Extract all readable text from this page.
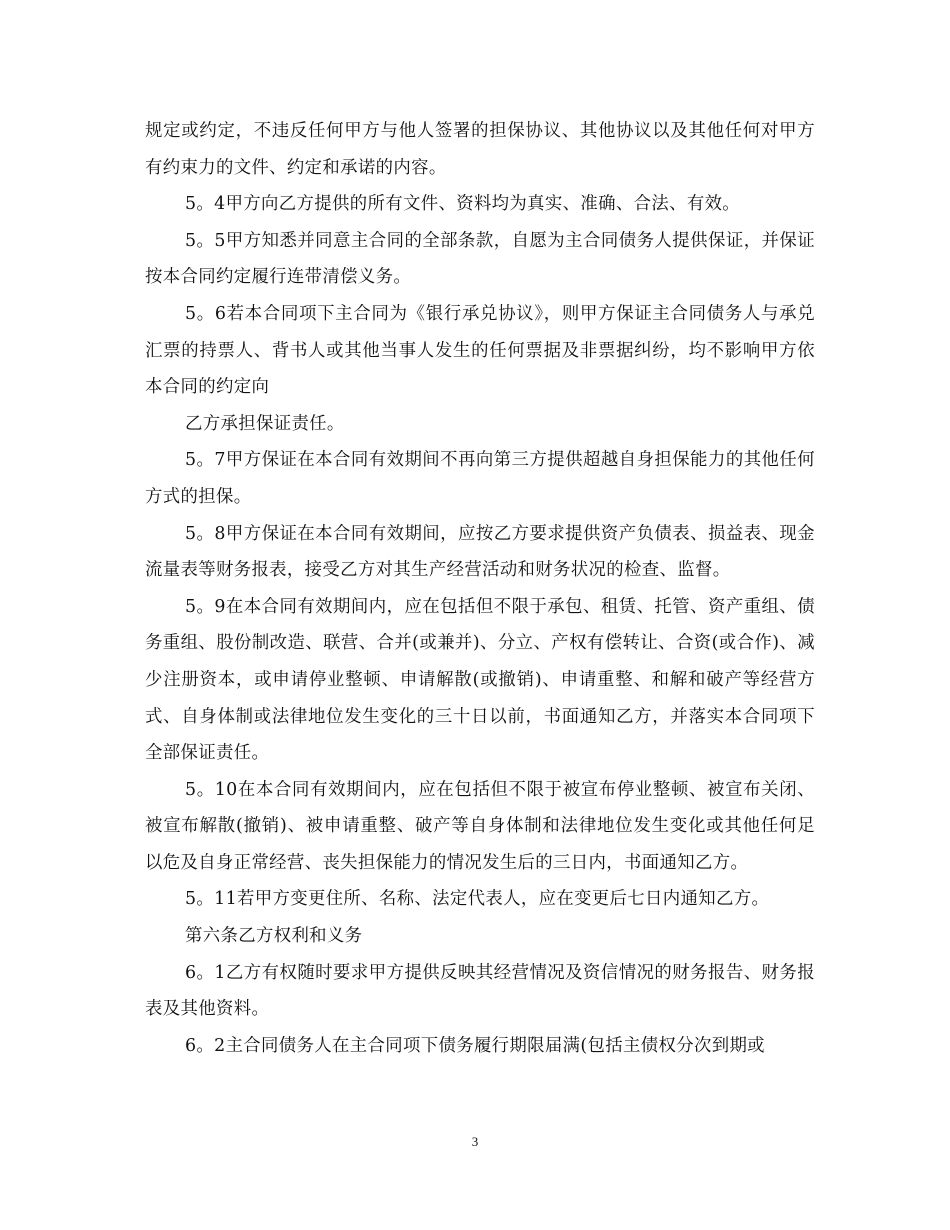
规定或约定，不违反任何甲方与他人签署的担保协议、其他协议以及其他任何对甲方有约束力的文件、约定和承诺的内容。

5。4甲方向乙方提供的所有文件、资料均为真实、准确、合法、有效。

5。5甲方知悉并同意主合同的全部条款，自愿为主合同债务人提供保证，并保证按本合同约定履行连带清偿义务。

5。6若本合同项下主合同为《银行承兑协议》，则甲方保证主合同债务人与承兑汇票的持票人、背书人或其他当事人发生的任何票据及非票据纠纷，均不影响甲方依本合同的约定向

乙方承担保证责任。

5。7甲方保证在本合同有效期间不再向第三方提供超越自身担保能力的其他任何方式的担保。

5。8甲方保证在本合同有效期间，应按乙方要求提供资产负债表、损益表、现金流量表等财务报表，接受乙方对其生产经营活动和财务状况的检查、监督。

5。9在本合同有效期间内，应在包括但不限于承包、租赁、托管、资产重组、债务重组、股份制改造、联营、合并(或兼并)、分立、产权有偿转让、合资(或合作)、减少注册资本，或申请停业整顿、申请解散(或撤销)、申请重整、和解和破产等经营方式、自身体制或法律地位发生变化的三十日以前，书面通知乙方，并落实本合同项下全部保证责任。

5。10在本合同有效期间内，应在包括但不限于被宣布停业整顿、被宣布关闭、被宣布解散(撤销)、被申请重整、破产等自身体制和法律地位发生变化或其他任何足以危及自身正常经营、丧失担保能力的情况发生后的三日内，书面通知乙方。

5。11若甲方变更住所、名称、法定代表人，应在变更后七日内通知乙方。

第六条乙方权利和义务

6。1乙方有权随时要求甲方提供反映其经营情况及资信情况的财务报告、财务报表及其他资料。

6。2主合同债务人在主合同项下债务履行期限届满(包括主债权分次到期或

3
